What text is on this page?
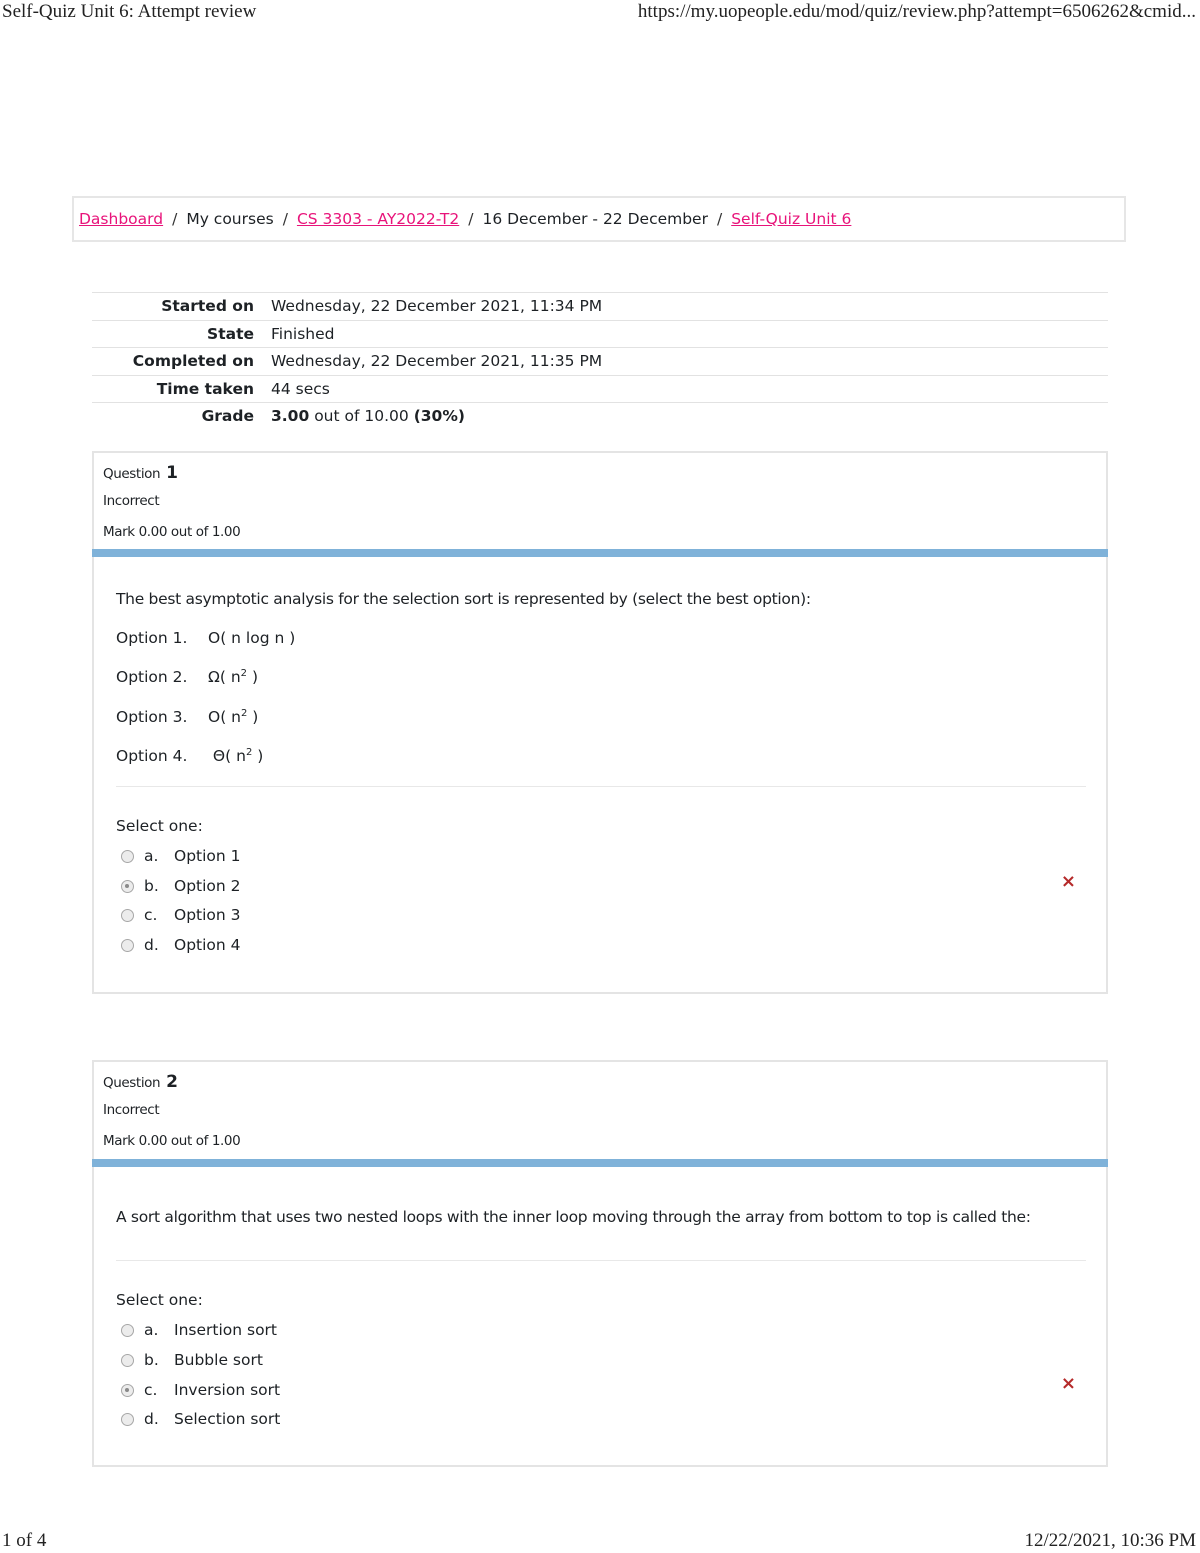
Self-Quiz Unit 6: Attempt review	https://my.uopeople.edu/mod/quiz/review.php?attempt=6506262&cmid...
Dashboard / My courses / CS 3303 - AY2022-T2 / 16 December - 22 December / Self-Quiz Unit 6
Started on	Wednesday, 22 December 2021, 11:34 PM
State	Finished
Completed on	Wednesday, 22 December 2021, 11:35 PM
Time taken	44 secs
Grade	3.00 out of 10.00 (30%)
Question 1
Incorrect
Mark 0.00 out of 1.00
The best asymptotic analysis for the selection sort is represented by (select the best option):
Option 1. O( n log n )
Option 2. Ω( $n^2$ )
Option 3. O( $n^2$ )
Option 4. Θ( $n^2$ )
Select one:
a.	Option 1
b. Option 2
c.	Option 3
d. Option 4
×
Question 2
Incorrect
Mark 0.00 out of 1.00
A sort algorithm that uses two nested loops with the inner loop moving through the array from bottom to top is called the:
Select one:
a.	Insertion sort
b. Bubble sort
c.	Inversion sort
d. Selection sort
×
1 of 4	12/22/2021, 10:36 PM
